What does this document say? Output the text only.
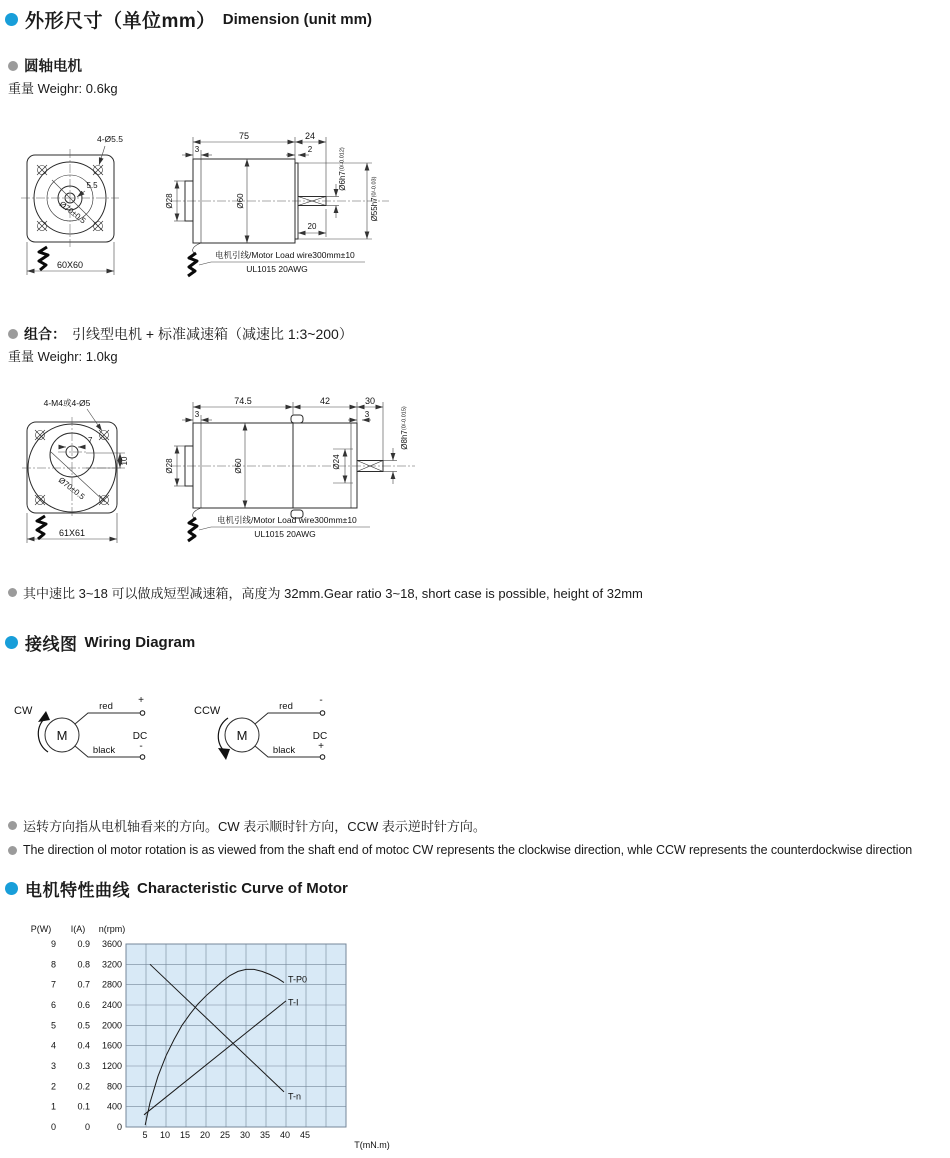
外形尺寸（单位mm） Dimension (unit mm)
圆轴电机
重量 Weighr: 0.6kg
4-Ø5.5
5.5
Ø70±0.5
60X60
Ø28	Ø60
75	24
3	2
Ø6h7(0/-0.012)
Ø55h7(0/-0.03)
20
电机引线/Motor Load wire300mm±10
UL1015 20AWG
组合： 引线型电机 + 标准减速箱（减速比 1:3~200）
重量 Weighr: 1.0kg
4-M4或4-Ø5
7
10
Ø70±0.5
61X61
Ø28	Ø60	Ø24
74.5	42	30
3	3
Ø8h7(0/-0.015)
电机引线/Motor Load wire300mm±10
UL1015 20AWG
其中速比 3~18 可以做成短型减速箱，高度为 32mm.Gear ratio 3~18, short case is possible, height of 32mm
接线图 Wiring Diagram
CW
M
red
+
black -
DC
CCW
M
red
-
black +
DC
运转方向指从电机轴看来的方向。CW 表示顺时针方向，CCW 表示逆时针方向。
The direction ol motor rotation is as viewed from the shaft end of motoc CW represents the clockwise direction, whle CCW represents the counterdockwise direction
电机特性曲线 Characteristic Curve of Motor
5 10 15 20 25 30 35 40 45
T(mN.m)
P(W)
0
1
2
3
4
5
6
7
8
9
I(A)
0
0.1
0.2
0.3
0.4
0.5
0.6
0.7
0.8
0.9
n(rpm)
0
400
800
1200
1600
2000
2400
2800
3200
3600
T-n
T-I
T-P0
